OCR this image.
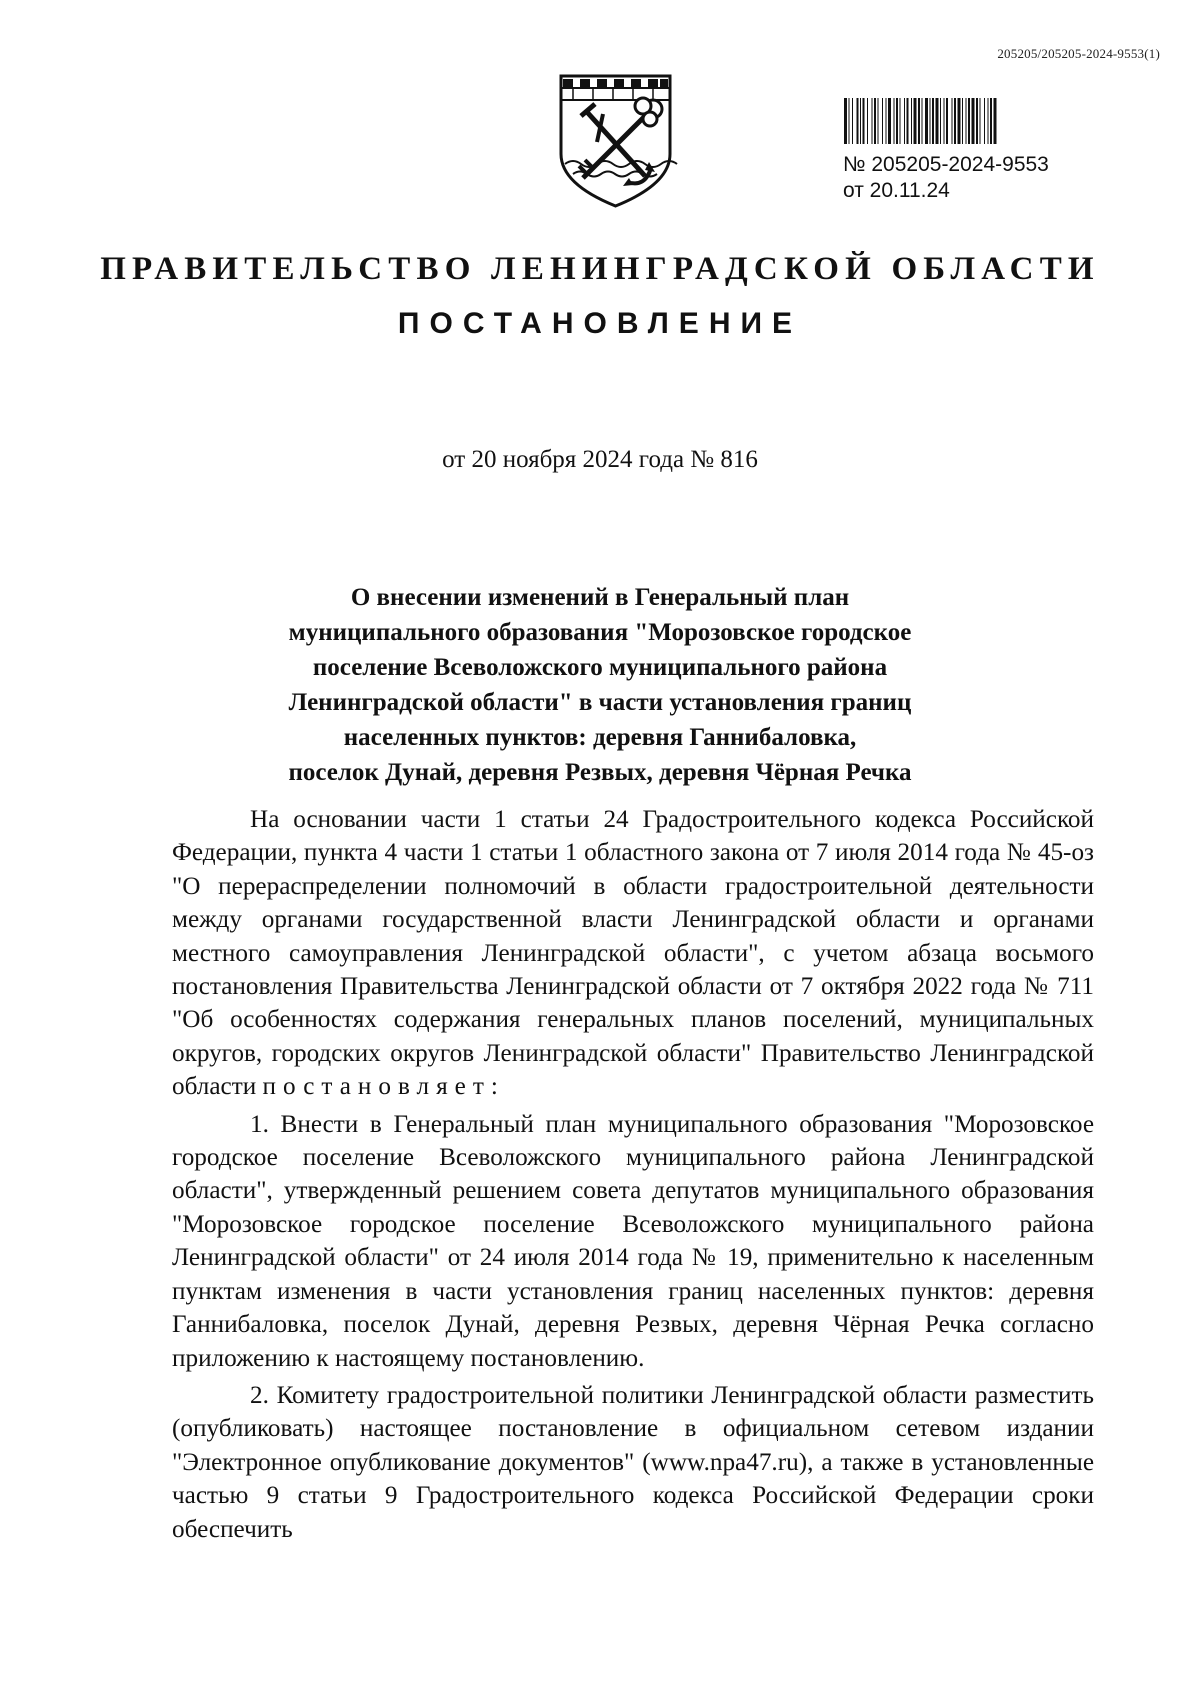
205205/205205-2024-9553(1)
№ 205205-2024-9553
от 20.11.24
ПРАВИТЕЛЬСТВО ЛЕНИНГРАДСКОЙ ОБЛАСТИ
ПОСТАНОВЛЕНИЕ
от 20 ноября 2024 года № 816
О внесении изменений в Генеральный план
муниципального образования "Морозовское городское
поселение Всеволожского муниципального района
Ленинградской области" в части установления границ
населенных пунктов: деревня Ганнибаловка,
поселок Дунай, деревня Резвых, деревня Чёрная Речка

На основании части 1 статьи 24 Градостроительного кодекса Российской Федерации, пункта 4 части 1 статьи 1 областного закона от 7 июля 2014 года № 45-оз "О перераспределении полномочий в области градостроительной деятельности между органами государственной власти Ленинградской области и органами местного самоуправления Ленинградской области", с учетом абзаца восьмого постановления Правительства Ленинградской области от 7 октября 2022 года № 711 "Об особенностях содержания генеральных планов поселений, муниципальных округов, городских округов Ленинградской области" Правительство Ленинградской области постановляет:

1. Внести в Генеральный план муниципального образования "Морозовское городское поселение Всеволожского муниципального района Ленинградской области", утвержденный решением совета депутатов муниципального образования "Морозовское городское поселение Всеволожского муниципального района Ленинградской области" от 24 июля 2014 года № 19, применительно к населенным пунктам изменения в части установления границ населенных пунктов: деревня Ганнибаловка, поселок Дунай, деревня Резвых, деревня Чёрная Речка согласно приложению к настоящему постановлению.

2. Комитету градостроительной политики Ленинградской области разместить (опубликовать) настоящее постановление в официальном сетевом издании "Электронное опубликование документов" (www.npa47.ru), а также в установленные частью 9 статьи 9 Градостроительного кодекса Российской Федерации сроки обеспечить
